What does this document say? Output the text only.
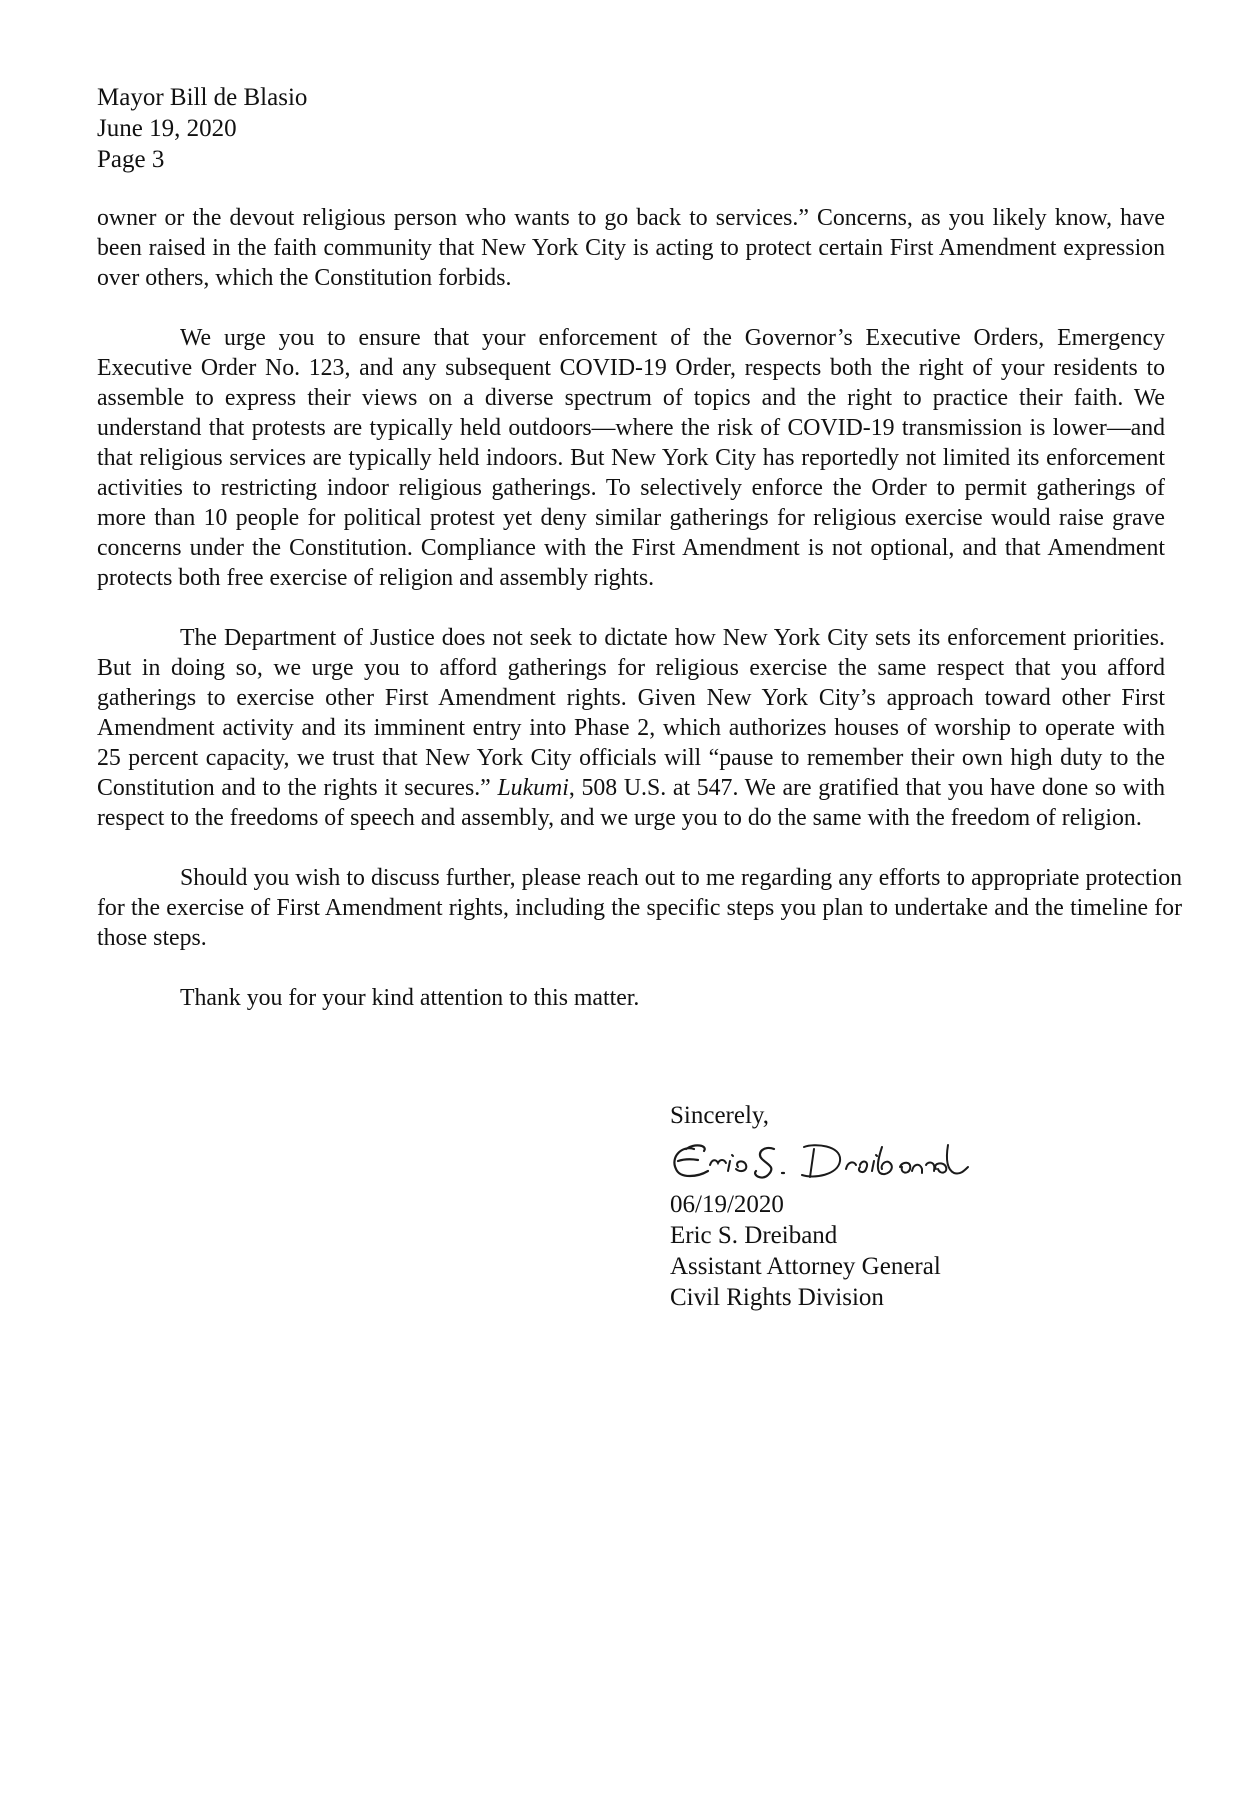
Mayor Bill de Blasio
June 19, 2020
Page 3

owner or the devout religious person who wants to go back to services.” Concerns, as you likely know, have been raised in the faith community that New York City is acting to protect certain First Amendment expression over others, which the Constitution forbids.

We urge you to ensure that your enforcement of the Governor’s Executive Orders, Emergency Executive Order No. 123, and any subsequent COVID-19 Order, respects both the right of your residents to assemble to express their views on a diverse spectrum of topics and the right to practice their faith. We understand that protests are typically held outdoors—where the risk of COVID-19 transmission is lower—and that religious services are typically held indoors. But New York City has reportedly not limited its enforcement activities to restricting indoor religious gatherings. To selectively enforce the Order to permit gatherings of more than 10 people for political protest yet deny similar gatherings for religious exercise would raise grave concerns under the Constitution. Compliance with the First Amendment is not optional, and that Amendment protects both free exercise of religion and assembly rights.

The Department of Justice does not seek to dictate how New York City sets its enforcement priorities. But in doing so, we urge you to afford gatherings for religious exercise the same respect that you afford gatherings to exercise other First Amendment rights. Given New York City’s approach toward other First Amendment activity and its imminent entry into Phase 2, which authorizes houses of worship to operate with 25 percent capacity, we trust that New York City officials will “pause to remember their own high duty to the Constitution and to the rights it secures.” Lukumi, 508 U.S. at 547. We are gratified that you have done so with respect to the freedoms of speech and assembly, and we urge you to do the same with the freedom of religion.

Should you wish to discuss further, please reach out to me regarding any efforts to appropriate protection for the exercise of First Amendment rights, including the specific steps you plan to undertake and the timeline for those steps.

Thank you for your kind attention to this matter.

Sincerely,
06/19/2020
Eric S. Dreiband
Assistant Attorney General
Civil Rights Division
